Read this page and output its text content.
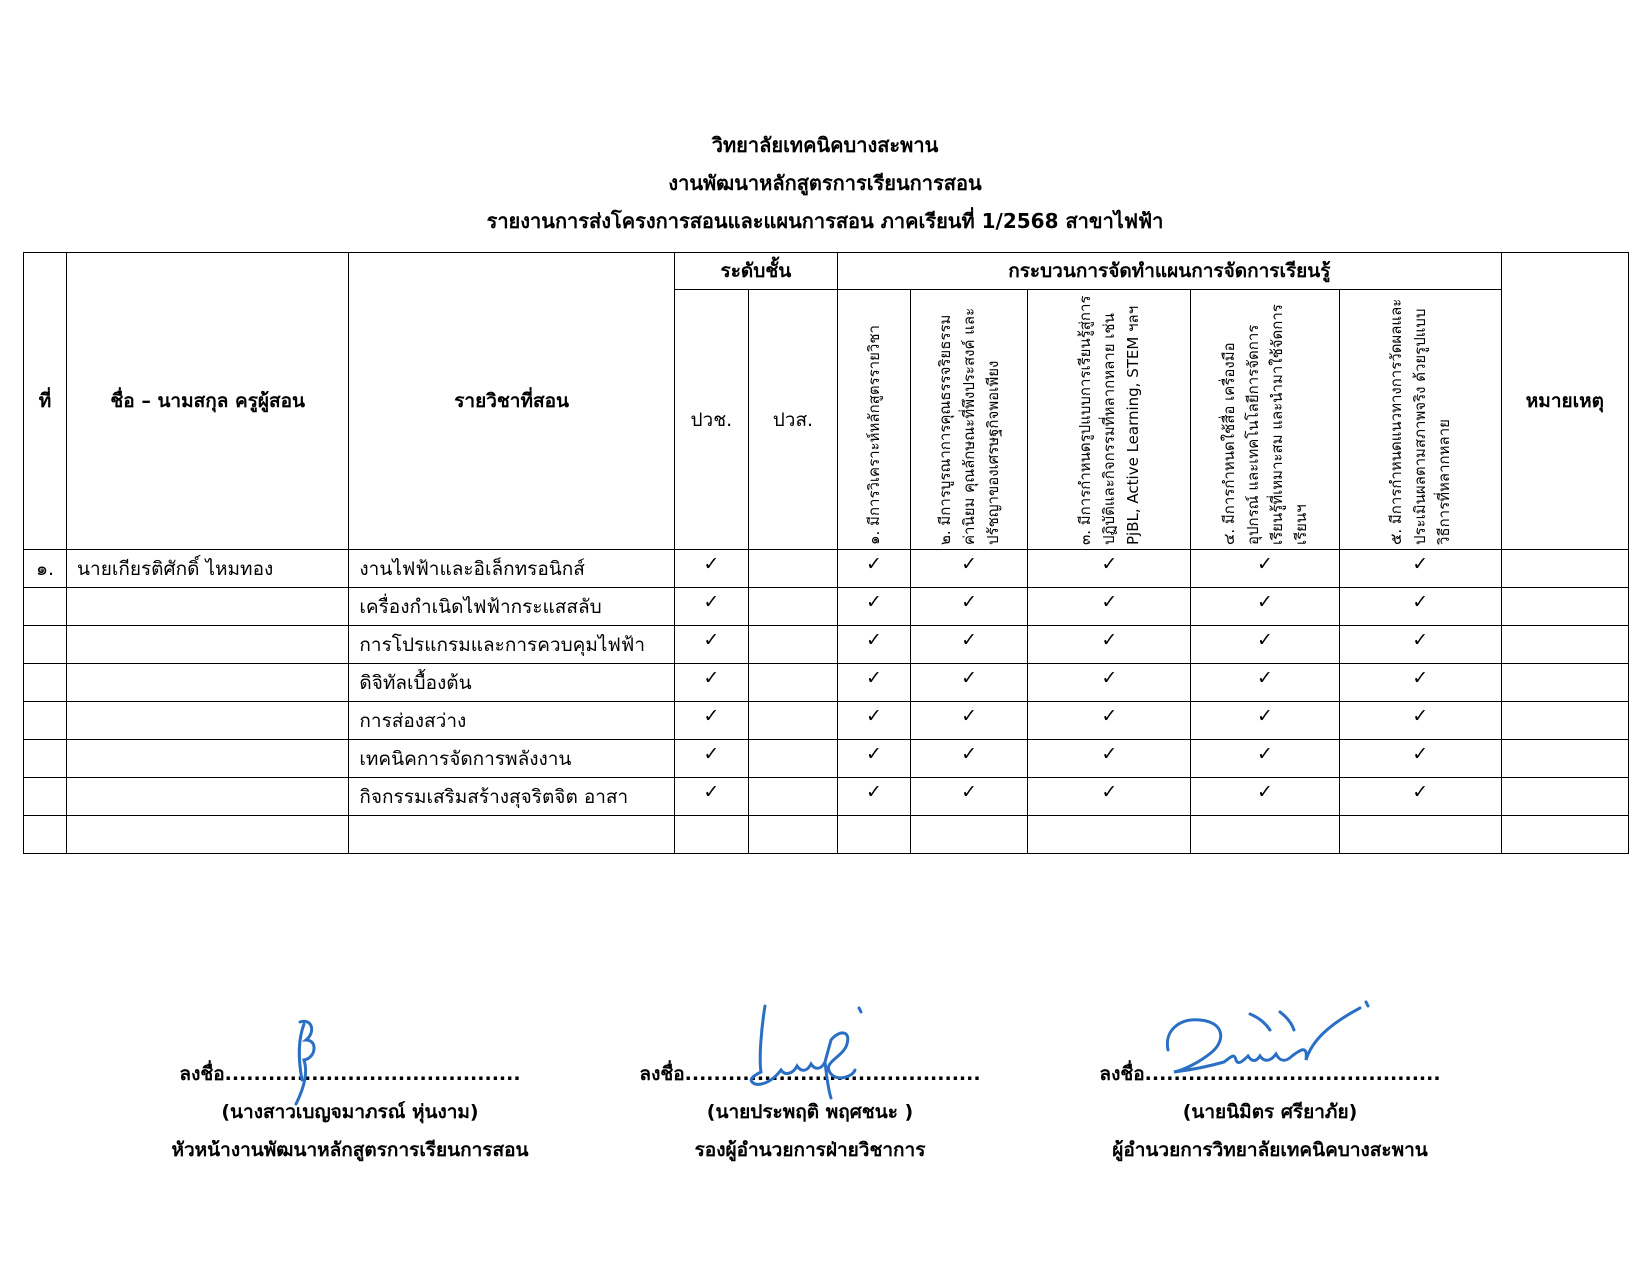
วิทยาลัยเทคนิคบางสะพาน
งานพัฒนาหลักสูตรการเรียนการสอน
รายงานการส่งโครงการสอนและแผนการสอน ภาคเรียนที่ 1/2568 สาขาไฟฟ้า
ที่	ชื่อ – นามสกุล ครูผู้สอน	รายวิชาที่สอน	ระดับชั้น		กระบวนการจัดทำแผนการจัดการเรียนรู้					หมายเหตุ
			ปวช.	ปวส.	๑. มีการวิเคราะห์หลักสูตรรายวิชา	๒. มีการบูรณาการคุณธรรจริยธรรม ค่านิยม คุณลักษณะที่พึงประสงค์ และปรัชญาของเศรษฐกิจพอเพียง	๓. มีการกำหนดรูปแบบการเรียนรู้สู่การปฏิบัติและกิจกรรมที่หลากหลาย เช่น PjBL, Active Learning, STEM ฯลฯ	๔. มีการกำหนดใช้สื่อ เครื่องมือ อุปกรณ์ และเทคโนโลยีการจัดการเรียนรู้ที่เหมาะสม และนำมาใช้จัดการเรียนฯ	๕. มีการกำหนดแนวทางการวัดผลและประเมินผลตามสภาพจริง ด้วยรูปแบบวิธีการที่หลากหลาย	

๑.	นายเกียรติศักดิ์ ไหมทอง	งานไฟฟ้าและอิเล็กทรอนิกส์	✓		✓	✓	✓	✓	✓	
		เครื่องกำเนิดไฟฟ้ากระแสสลับ	✓		✓	✓	✓	✓	✓	
		การโปรแกรมและการควบคุมไฟฟ้า	✓		✓	✓	✓	✓	✓	
		ดิจิทัลเบื้องต้น	✓		✓	✓	✓	✓	✓	
		การส่องสว่าง	✓		✓	✓	✓	✓	✓	
		เทคนิคการจัดการพลังงาน	✓		✓	✓	✓	✓	✓	
		กิจกรรมเสริมสร้างสุจริตจิต อาสา	✓		✓	✓	✓	✓	✓	

ลงชื่อ.........................................
(นางสาวเบญจมาภรณ์ หุ่นงาม)
หัวหน้างานพัฒนาหลักสูตรการเรียนการสอน
ลงชื่อ.........................................
(นายประพฤติ พฤศชนะ )
รองผู้อำนวยการฝ่ายวิชาการ
ลงชื่อ.........................................
(นายนิมิตร ศรียาภัย)
ผู้อำนวยการวิทยาลัยเทคนิคบางสะพาน
